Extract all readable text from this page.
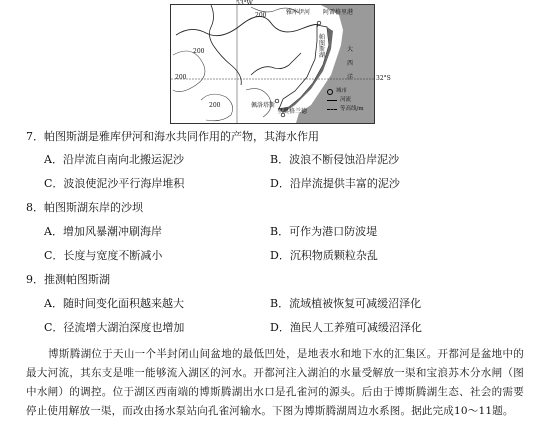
雅库伊河 阿雷格里港
帕图斯湖
大西洋
佩洛塔斯
里奥格兰德
200
200
200
200
32°S
城市
河流
等高线/m
7．帕图斯湖是雅库伊河和海水共同作用的产物，其海水作用
A．沿岸流自南向北搬运泥沙	B．波浪不断侵蚀沿岸泥沙
C．波浪使泥沙平行海岸堆积	D．沿岸流提供丰富的泥沙
8．帕图斯湖东岸的沙坝
A．增加风暴潮冲刷海岸	B．可作为港口防波堤
C．长度与宽度不断减小	D．沉积物质颗粒杂乱
9．推测帕图斯湖
A．随时间变化面积越来越大	B．流域植被恢复可减缓沼泽化
C．径流增大湖泊深度也增加	D．渔民人工养殖可减缓沼泽化

博斯腾湖位于天山一个半封闭山间盆地的最低凹处，是地表水和地下水的汇集区。开都河是盆地中的最大河流，其东支是唯一能够流入湖区的河水。开都河注入湖泊的水量受解放一渠和宝浪苏木分水闸（图中水闸）的调控。位于湖区西南端的博斯腾湖出水口是孔雀河的源头。后由于博斯腾湖生态、社会的需要停止使用解放一渠，而改由扬水泵站向孔雀河输水。下图为博斯腾湖周边水系图。据此完成10～11题。
